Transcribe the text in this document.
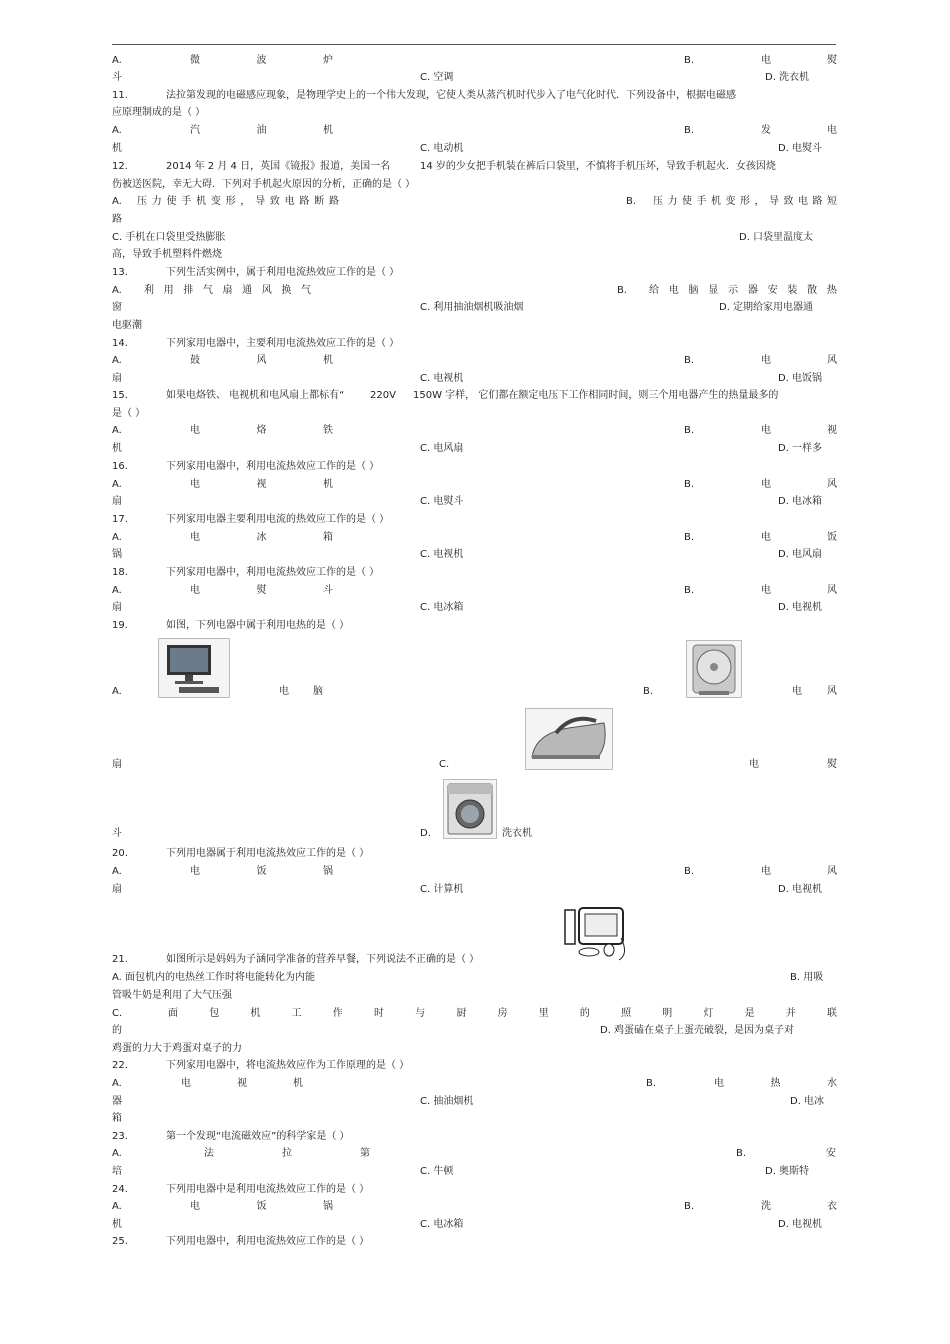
A.	微	波	炉	B.	电	熨
斗	C. 空调	D. 洗衣机
11.	法拉第发现的电磁感应现象，是物理学史上的一个伟大发现，它使人类从蒸汽机时代步入了电气化时代．下列设备中，根据电磁感
应原理制成的是（ ）
A.	汽	油	机	B.	发	电
机	C. 电动机	D. 电熨斗
12.	2014 年 2 月 4 日，英国《镜报》报道，美国一名	14 岁的少女把手机装在裤后口袋里，不慎将手机压坏，导致手机起火．女孩因烧
伤被送医院，幸无大碍．下列对手机起火原因的分析，正确的是（ ）
A. 压 力 使 手 机 变 形 ， 导 致 电 路 断 路	B. 压 力 使 手 机 变 形 ， 导 致 电 路 短
路
C. 手机在口袋里受热膨胀	D. 口袋里温度太
高，导致手机塑料件燃烧
13.	下列生活实例中，属于利用电流热效应工作的是（ ）
A. 利 用 排 气 扇 通 风 换 气	B. 给 电 脑 显 示 器 安 装 散 热
窗	C. 利用抽油烟机吸油烟	D. 定期给家用电器通
电驱潮
14.	下列家用电器中，主要利用电流热效应工作的是（ ）
A.	鼓	风	机	B.	电	风
扇	C. 电视机	D. 电饭锅
15.	如果电烙铁、 电视机和电风扇上都标有“	220V 150W 字样， 它们都在额定电压下工作相同时间，则三个用电器产生的热量最多的
是（ ）
A.	电	烙	铁	B.	电	视
机	C. 电风扇	D. 一样多
16.	下列家用电器中，利用电流热效应工作的是（ ）
A.	电	视	机	B.	电	风
扇	C. 电熨斗	D. 电冰箱
17.	下列家用电器主要利用电流的热效应工作的是（ ）
A.	电	冰	箱	B.	电	饭
锅	C. 电视机	D. 电风扇
18.	下列家用电器中，利用电流热效应工作的是（ ）
A.	电	熨	斗	B.	电	风
扇	C. 电冰箱	D. 电视机
19.	如图，下列电器中属于利用电热的是（ ）
A.	电 脑	B.	电	风
扇	C.	电	熨
斗	D.	洗衣机
20.	下列用电器属于利用电流热效应工作的是（ ）
A.	电	饭	锅	B.	电	风
扇	C. 计算机	D. 电视机
21.	如图所示是妈妈为子涵同学准备的营养早餐，下列说法不正确的是（ ）
A. 面包机内的电热丝工作时将电能转化为内能	B. 用吸
管吸牛奶是利用了大气压强
C.	面	包	机	工	作	时	与	厨	房	里	的	照	明	灯	是	并	联
的	D. 鸡蛋磕在桌子上蛋壳破裂，是因为桌子对
鸡蛋的力大于鸡蛋对桌子的力
22.	下列家用电器中，将电流热效应作为工作原理的是（ ）
A.	电	视	机	B.	电	热	水
器	C. 抽油烟机	D. 电冰
箱
23.	第一个发现“电流磁效应”的科学家是（ ）
A.	法	拉	第	B.	安
培	C. 牛顿	D. 奥斯特
24.	下列用电器中是利用电流热效应工作的是（ ）
A.	电	饭	锅	B.	洗	衣
机	C. 电冰箱	D. 电视机
25.	下列用电器中，利用电流热效应工作的是（ ）
